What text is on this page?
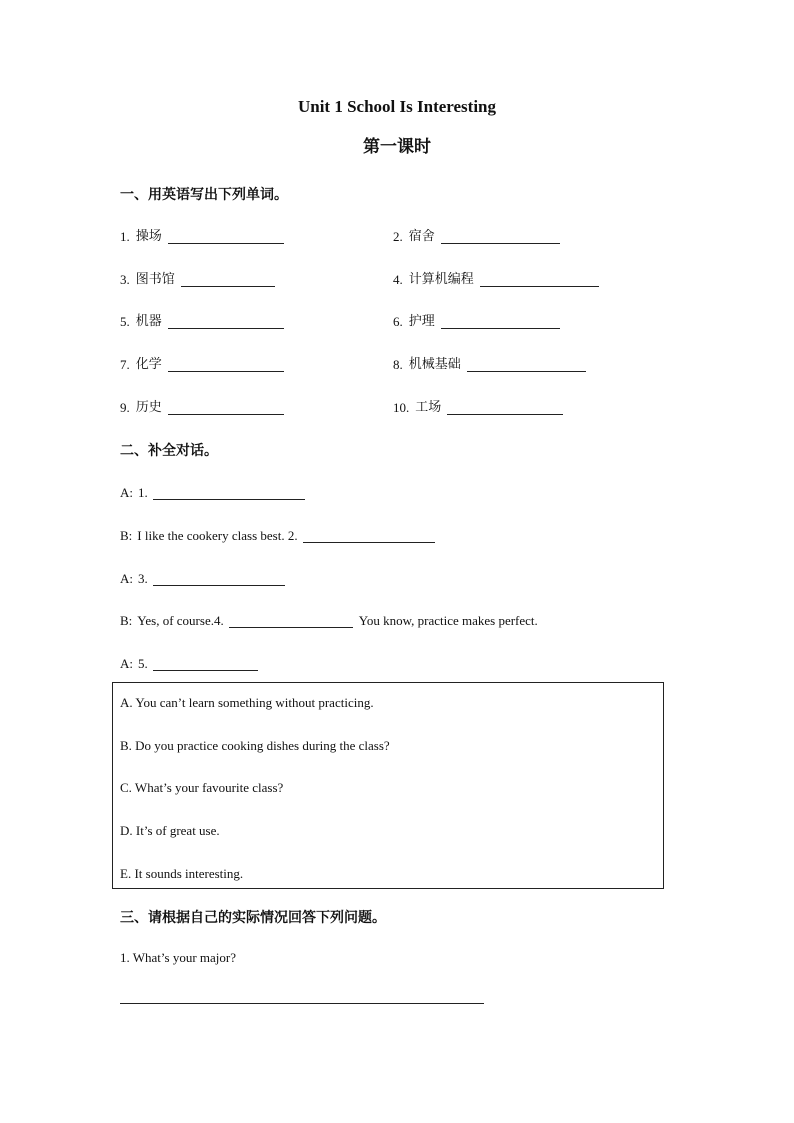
Unit 1 School Is Interesting
第一课时
一、用英语写出下列单词。
1. 操场	2. 宿舍
3. 图书馆	4. 计算机编程
5. 机器	6. 护理
7. 化学	8. 机械基础
9. 历史	10. 工场
二、补全对话。
A: 1.
B: I like the cookery class best. 2.
A: 3.
B: Yes, of course.4.	You know, practice makes perfect.
A: 5.
A. You can’t learn something without practicing.
B. Do you practice cooking dishes during the class?
C. What’s your favourite class?
D. It’s of great use.
E. It sounds interesting.
三、请根据自己的实际情况回答下列问题。
1. What’s your major?
